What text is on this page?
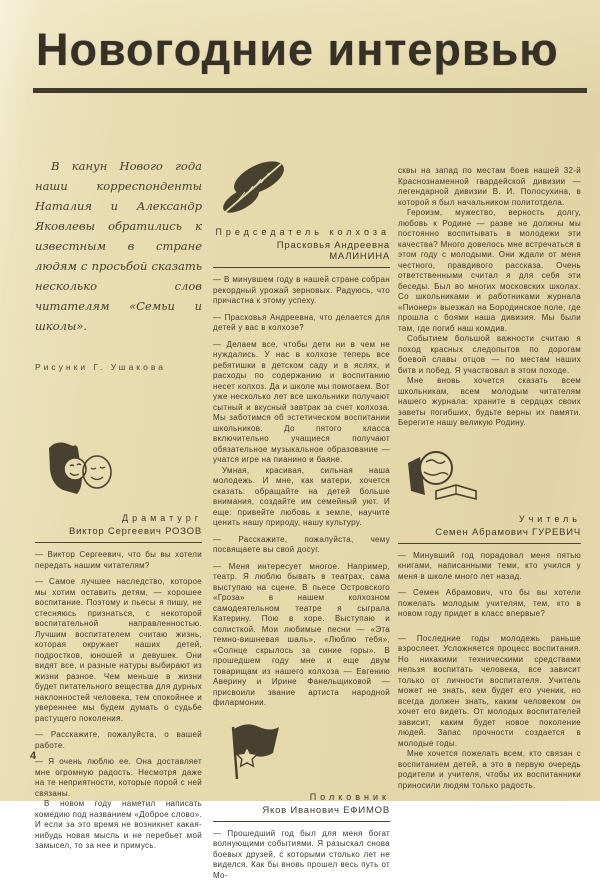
Новогодние интервью

В канун Нового года наши корреспонденты Наталия и Александр Яковлевы обратились к известным в стране людям с просьбой сказать несколько слов читателям «Семьи и школы».

Рисунки Г. Ушакова
Драматург
Виктор Сергеевич РОЗОВ

— Виктор Сергеевич, что бы вы хотели передать нашим читателям?

— Самое лучшее наследство, которое мы хотим оставить детям, — хорошее воспитание. Поэтому и пьесы я пишу, не стесняюсь признаться, с некоторой воспитательной направленностью. Лучшим воспитателем считаю жизнь, которая окружает наших детей, подростков, юношей и девушек. Они видят все, и разные натуры выбирают из жизни разное. Чем меньше в жизни будет питательного вещества для дурных наклонностей человека, тем спокойнее и увереннее мы будем думать о судьбе растущего поколения.

— Расскажите, пожалуйста, о вашей работе.

— Я очень люблю ее. Она доставляет мне огромную радость. Несмотря даже на те неприятности, которые порой с ней связаны.

В новом году наметил написать комедию под названием «Доброе слово». И если за это время не возникнет какая-нибудь новая мысль и не перебьет мой замысел, то за нее и примусь.

Председатель колхоза
Прасковья Андреевна МАЛИНИНА

— В минувшем году в нашей стране собран рекордный урожай зерновых. Радуюсь, что причастна к этому успеху.

— Прасковья Андреевна, что делается для детей у вас в колхозе?

— Делаем все, чтобы дети ни в чем не нуждались. У нас в колхозе теперь все ребятишки в детском саду и в яслях, и расходы по содержанию и воспитанию несет колхоз. Да и школе мы помогаем. Вот уже несколько лет все школьники получают сытный и вкусный завтрак за счет колхоза. Мы заботимся об эстетическом воспитании школьников. До пятого класса включительно учащиеся получают обязательное музыкальное образование — учатся игре на пианино и баяне.

Умная, красивая, сильная наша молодежь. И мне, как матери, хочется сказать: обращайте на детей больше внимания, создайте им семейный уют. И еще: привейте любовь к земле, научите ценить нашу природу, нашу культуру.

— Расскажите, пожалуйста, чему посвящаете вы свой досуг.

— Меня интересует многое. Например, театр. Я люблю бывать в театрах, сама выступаю на сцене. В пьесе Островского «Гроза» в нашем колхозном самодеятельном театре я сыграла Катерину. Пою в хоре. Выступаю и солисткой. Мои любимые песни — «Эта темно-вишневая шаль», «Люблю тебя», «Солнце скрылось за синие горы». В прошедшем году мне и еще двум товарищам из нашего колхоза — Евгению Аверину и Ирине Фанельщиковой — присвоили звание артиста народной филармонии.

Полковник
Яков Иванович ЕФИМОВ

— Прошедший год был для меня богат волнующими событиями. Я разыскал снова боевых друзей, с которыми столько лет не виделся. Как бы вновь прошел весь путь от Мо-

сквы на запад по местам боев нашей 32-й Краснознаменной гвардейской дивизии — легендарной дивизии В. И. Полосухина, в которой я был начальником политотдела.

Героизм, мужество, верность долгу, любовь к Родине — разве не должны мы постоянно воспитывать в молодежи эти качества? Много довелось мне встречаться в этом году с молодыми. Они ждали от меня честного, правдивого рассказа. Очень ответственными считал я для себя эти беседы. Был во многих московских школах. Со школьниками и работниками журнала «Пионер» выезжал на Бородинское поле, где прошла с боями наша дивизия. Мы были там, где погиб наш комдив.

Событием большой важности считаю я поход красных следопытов по дорогам боевой славы отцов — по местам наших битв и побед. Я участвовал в этом походе.

Мне вновь хочется сказать всем школьникам, всем молодым читателям нашего журнала: храните в сердцах своих заветы погибших, будьте верны их памяти. Берегите нашу великую Родину.

Учитель
Семен Абрамович ГУРЕВИЧ

— Минувший год порадовал меня пятью книгами, написанными теми, кто учился у меня в школе много лет назад.

— Семен Абрамович, что бы вы хотели пожелать молодым учителям, тем, кто в новом году придет в класс впервые?

— Последние годы молодежь раньше взрослеет. Усложняется процесс воспитания. Но никакими техническими средствами нельзя воспитать человека, все зависит только от личности воспитателя. Учитель может не знать, кем будет его ученик, но всегда должен знать, каким человеком он хочет его видеть. От молодых воспитателей зависит, каким будет новое поколение людей. Запас прочности создается в молодые годы.

Мне хочется пожелать всем, кто связан с воспитанием детей, а это в первую очередь родители и учителя, чтобы их воспитанники приносили людям только радость.

4
